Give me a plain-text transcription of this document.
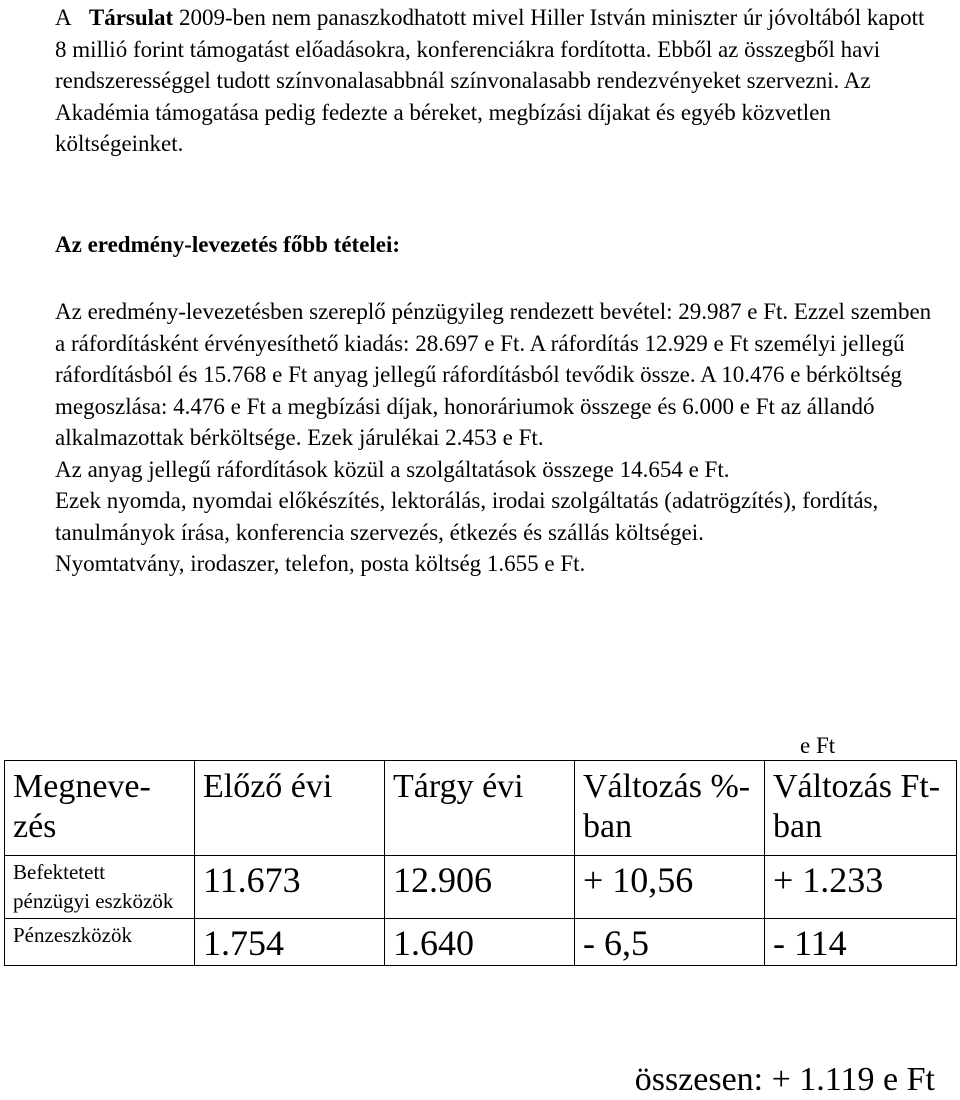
A Társulat 2009-ben nem panaszkodhatott mivel Hiller István miniszter úr jóvoltából kapott 8 millió forint támogatást előadásokra, konferenciákra fordította. Ebből az összegből havi rendszerességgel tudott színvonalasabbnál színvonalasabb rendezvényeket szervezni. Az Akadémia támogatása pedig fedezte a béreket, megbízási díjakat és egyéb közvetlen költségeinket.
Az eredmény-levezetés főbb tételei:
Az eredmény-levezetésben szereplő pénzügyileg rendezett bevétel: 29.987 e Ft. Ezzel szemben a ráfordításként érvényesíthető kiadás: 28.697 e Ft. A ráfordítás 12.929 e Ft személyi jellegű ráfordításból és 15.768 e Ft anyag jellegű ráfordításból tevődik össze. A 10.476 e bérköltség megoszlása: 4.476 e Ft a megbízási díjak, honoráriumok összege és 6.000 e Ft az állandó alkalmazottak bérköltsége. Ezek járulékai 2.453 e Ft.
Az anyag jellegű ráfordítások közül a szolgáltatások összege 14.654 e Ft.
Ezek nyomda, nyomdai előkészítés, lektorálás, irodai szolgáltatás (adatrögzítés), fordítás, tanulmányok írása, konferencia szervezés, étkezés és szállás költségei.
Nyomtatvány, irodaszer, telefon, posta költség 1.655 e Ft.
e Ft
Megneve-zés	Előző évi	Tárgy évi	Változás %-ban	Változás Ft-ban
Befektetett pénzügyi eszközök	11.673	12.906	+ 10,56	+ 1.233
Pénzeszközök	1.754	1.640	- 6,5	- 114
összesen: + 1.119 e Ft
